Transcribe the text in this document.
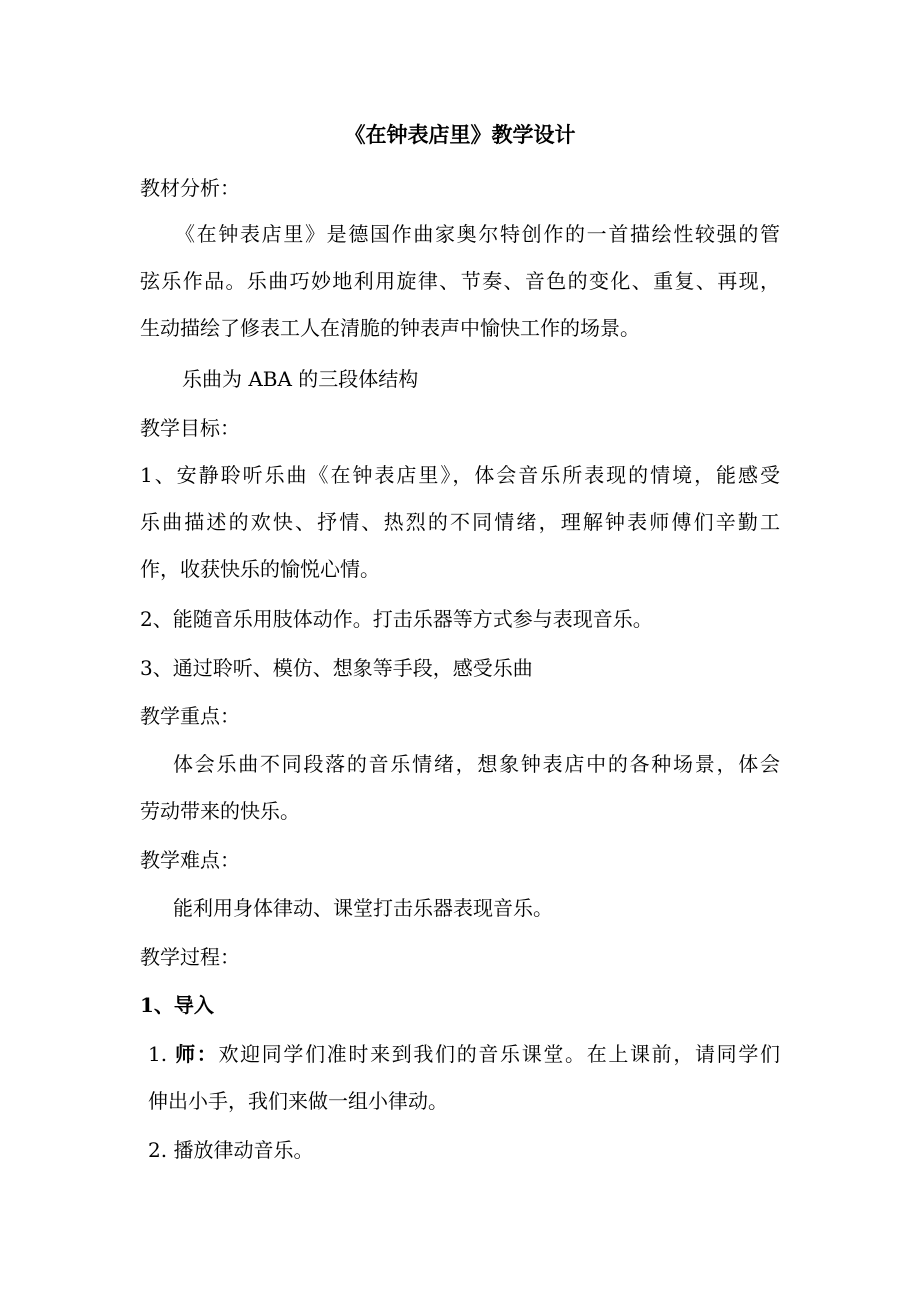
《在钟表店里》教学设计
教材分析：
《在钟表店里》是德国作曲家奥尔特创作的一首描绘性较强的管
弦乐作品。乐曲巧妙地利用旋律、节奏、音色的变化、重复、再现，
生动描绘了修表工人在清脆的钟表声中愉快工作的场景。
乐曲为 ABA 的三段体结构
教学目标：
1、安静聆听乐曲《在钟表店里》，体会音乐所表现的情境，能感受
乐曲描述的欢快、抒情、热烈的不同情绪，理解钟表师傅们辛勤工
作，收获快乐的愉悦心情。
2、能随音乐用肢体动作。打击乐器等方式参与表现音乐。
3、通过聆听、模仿、想象等手段，感受乐曲
教学重点：
体会乐曲不同段落的音乐情绪，想象钟表店中的各种场景，体会
劳动带来的快乐。
教学难点：
能利用身体律动、课堂打击乐器表现音乐。
教学过程：
1、导入
1. 师：欢迎同学们准时来到我们的音乐课堂。在上课前，请同学们
伸出小手，我们来做一组小律动。
2. 播放律动音乐。
